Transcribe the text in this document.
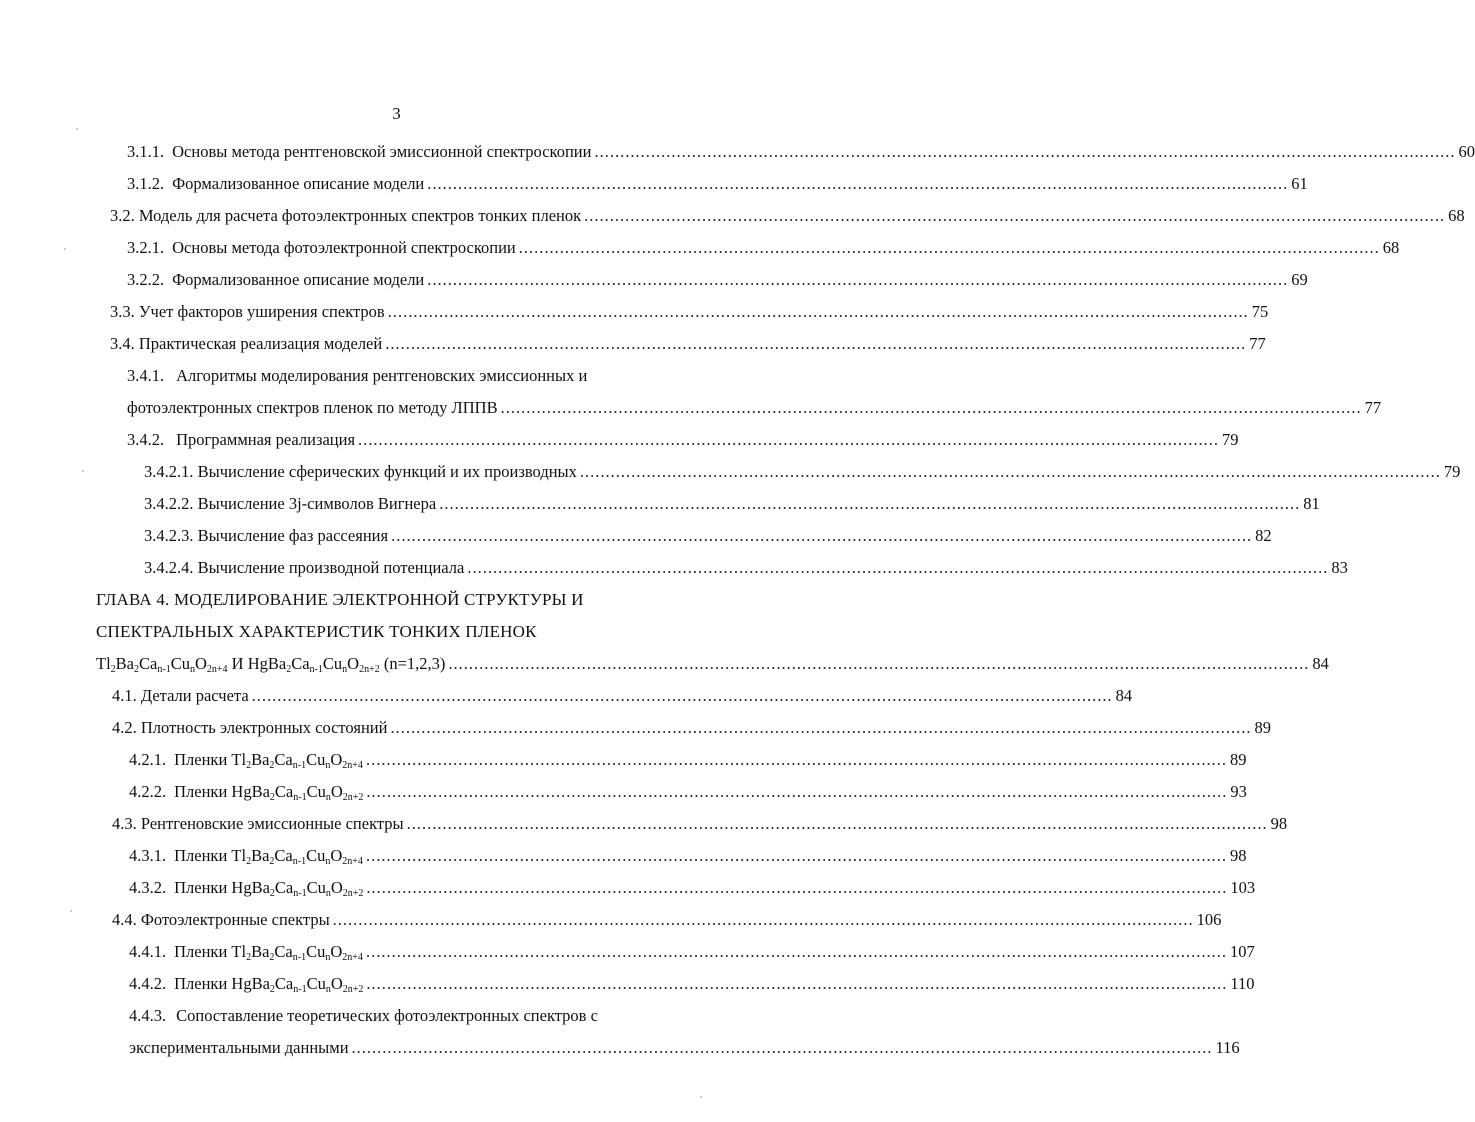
3
3.1.1. Основы метода рентгеновской эмиссионной спектроскопии ........................................................................................................................................................................ 60
3.1.2. Формализованное описание модели ........................................................................................................................................................................ 61
3.2. Модель для расчета фотоэлектронных спектров тонких пленок ........................................................................................................................................................................ 68
3.2.1. Основы метода фотоэлектронной спектроскопии ........................................................................................................................................................................ 68
3.2.2. Формализованное описание модели ........................................................................................................................................................................ 69
3.3. Учет факторов уширения спектров ........................................................................................................................................................................ 75
3.4. Практическая реализация моделей ........................................................................................................................................................................ 77
3.4.1. Алгоритмы моделирования рентгеновских эмиссионных и
фотоэлектронных спектров пленок по методу ЛППВ ........................................................................................................................................................................ 77
3.4.2. Программная реализация ........................................................................................................................................................................ 79
3.4.2.1. Вычисление сферических функций и их производных ........................................................................................................................................................................ 79
3.4.2.2. Вычисление 3j-символов Вигнера ........................................................................................................................................................................ 81
3.4.2.3. Вычисление фаз рассеяния ........................................................................................................................................................................ 82
3.4.2.4. Вычисление производной потенциала ........................................................................................................................................................................ 83
ГЛАВА 4. МОДЕЛИРОВАНИЕ ЭЛЕКТРОННОЙ СТРУКТУРЫ И
СПЕКТРАЛЬНЫХ ХАРАКТЕРИСТИК ТОНКИХ ПЛЕНОК
$Tl_2Ba_2Ca_{n-1}Cu_nO_{2n+4}$ И $HgBa_2Ca_{n-1}Cu_nO_{2n+2}$ (n=1,2,3) ........................................................................................................................................................................ 84
4.1. Детали расчета ........................................................................................................................................................................ 84
4.2. Плотность электронных состояний ........................................................................................................................................................................ 89
4.2.1. Пленки $Tl_2Ba_2Ca_{n-1}Cu_nO_{2n+4}$ ........................................................................................................................................................................ 89
4.2.2. Пленки $HgBa_2Ca_{n-1}Cu_nO_{2n+2}$ ........................................................................................................................................................................ 93
4.3. Рентгеновские эмиссионные спектры ........................................................................................................................................................................ 98
4.3.1. Пленки $Tl_2Ba_2Ca_{n-1}Cu_nO_{2n+4}$ ........................................................................................................................................................................ 98
4.3.2. Пленки $HgBa_2Ca_{n-1}Cu_nO_{2n+2}$ ........................................................................................................................................................................ 103
4.4. Фотоэлектронные спектры ........................................................................................................................................................................ 106
4.4.1. Пленки $Tl_2Ba_2Ca_{n-1}Cu_nO_{2n+4}$ ........................................................................................................................................................................ 107
4.4.2. Пленки $HgBa_2Ca_{n-1}Cu_nO_{2n+2}$ ........................................................................................................................................................................ 110
4.4.3. Сопоставление теоретических фотоэлектронных спектров с
экспериментальными данными ........................................................................................................................................................................ 116
